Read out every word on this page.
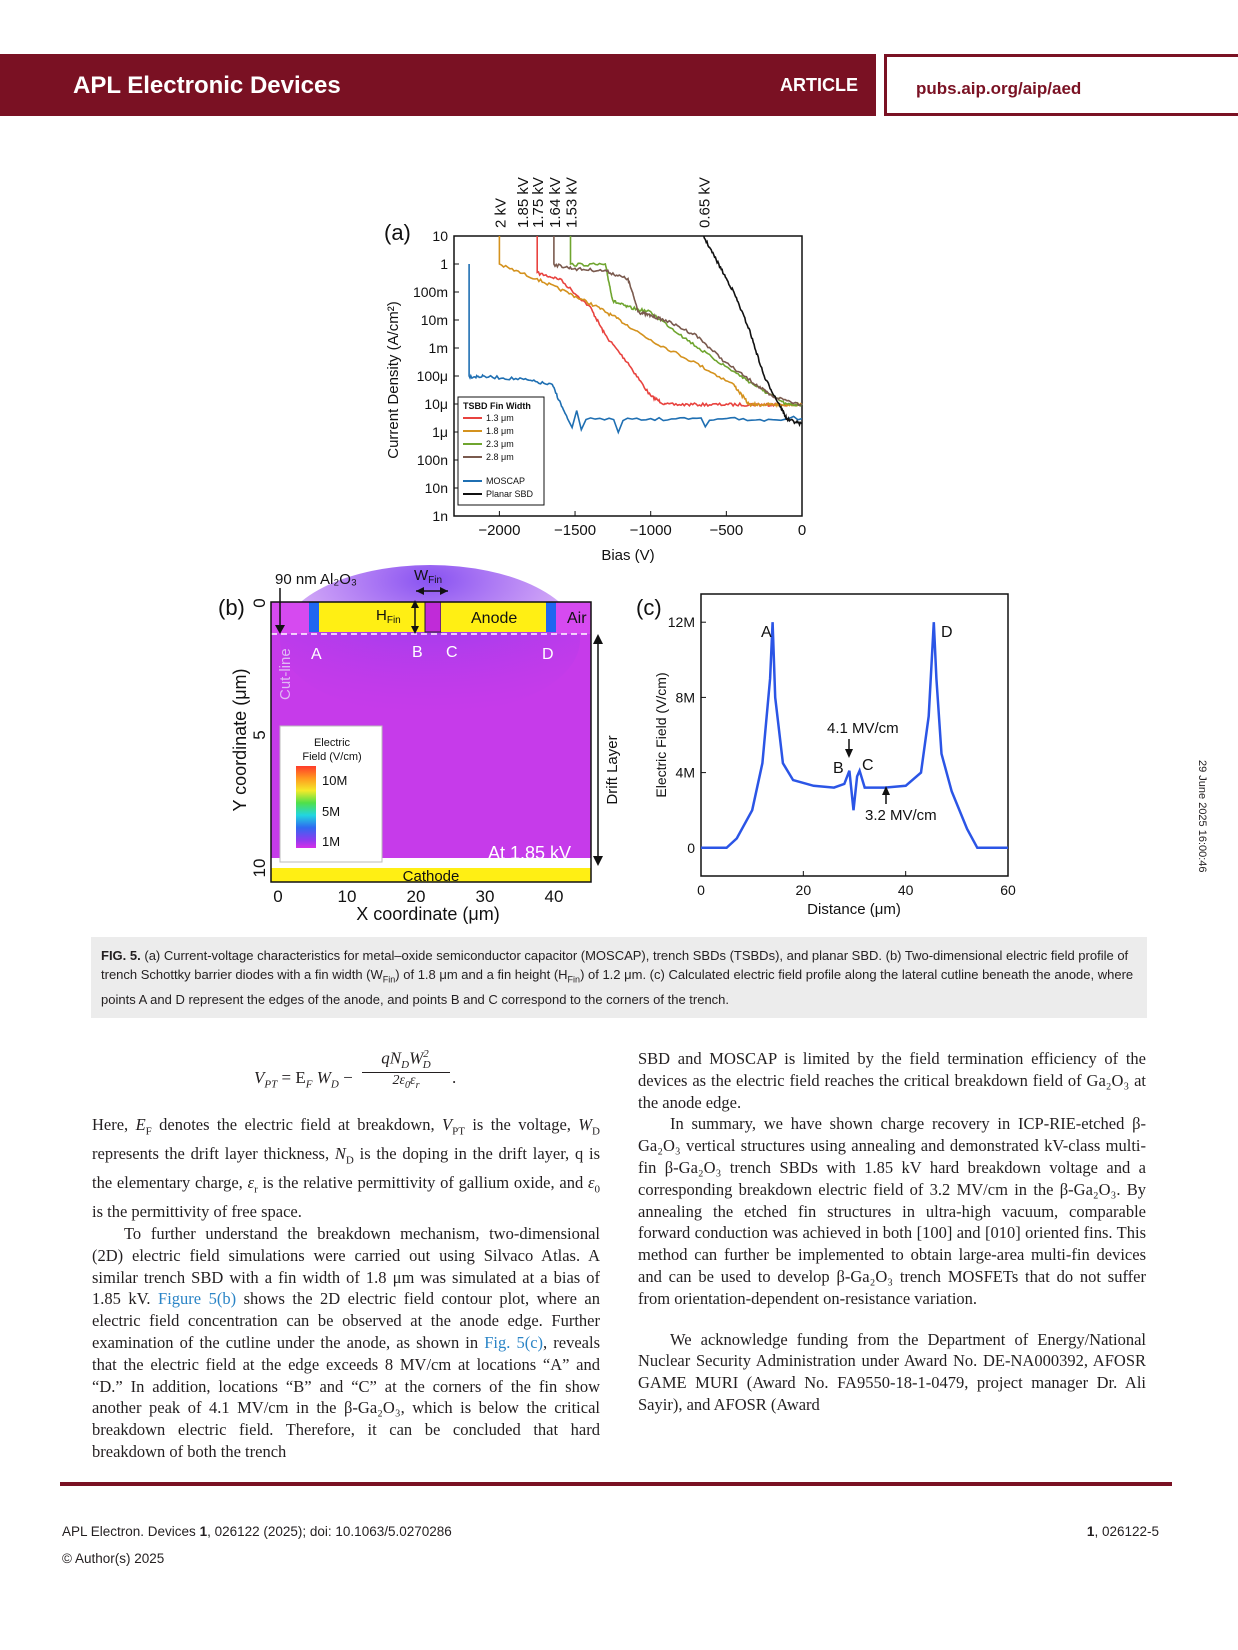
APL Electronic Devices	ARTICLE	pubs.aip.org/aip/aed
29 June 2025 16:00:46
(a) 10
1
100m
10m
1m
100μ
10μ
1μ
100n
10n
1n
−2000 −1500 −1000	−500	0
2 kV 1.85 kV
1.75 kV 1.64 kV 1.53 kV	0.65 kV
Bias (V)
Current Density (A/cm²)	TSBD Fin Width
1.3 μm
1.8 μm
2.3 μm
2.8 μm
MOSCAP
Planar SBD
(b)
90 nm Al₂O₃	$W_{Fin}$
$H_{Fin}$	Anode	Air
Cut-line A	B C	D
At 1.85 kV
Cathode
Electric
Field (V/cm)
10M
5M
1M
Drift Layer
0	10	20	30	40
0
5
10
X coordinate (μm)
Y coordinate (μm)
(c)
12M
8M
4M
0
0	20	40	60
A
B C
D
4.1 MV/cm
3.2 MV/cm
Distance (μm)
Electric Field (V/cm)
FIG. 5. (a) Current-voltage characteristics for metal–oxide semiconductor capacitor (MOSCAP), trench SBDs (TSBDs), and planar SBD. (b) Two-dimensional electric field profile of trench Schottky barrier diodes with a fin width $(W_{Fin})$ of 1.8 μm and a fin height $(H_{Fin})$ of 1.2 μm. (c) Calculated electric field profile along the lateral cutline beneath the anode, where points A and D represent the edges of the anode, and points B and C correspond to the corners of the trench.
$V_{PT} = E_F$ $W_D$ −
$qN_DW^2_D$
$2\varepsilon_0\varepsilon_r$	.

Here, $E_F$ denotes the electric field at breakdown, $V_{PT}$ is the voltage, $W_D$ represents the drift layer thickness, $N_D$ is the doping in the drift layer, q is the elementary charge, $\varepsilon_r$ is the relative permittivity of gallium oxide, and $\varepsilon_0$ is the permittivity of free space.

To further understand the breakdown mechanism, two-dimensional (2D) electric field simulations were carried out using Silvaco Atlas. A similar trench SBD with a fin width of 1.8 μm was simulated at a bias of 1.85 kV. Figure 5(b) shows the 2D electric field contour plot, where an electric field concentration can be observed at the anode edge. Further examination of the cutline under the anode, as shown in Fig. 5(c), reveals that the electric field at the edge exceeds 8 MV/cm at locations “A” and “D.” In addition, locations “B” and “C” at the corners of the fin show another peak of 4.1 MV/cm in the β-Ga₂O₃, which is below the critical breakdown electric field. Therefore, it can be concluded that hard breakdown of both the trench

SBD and MOSCAP is limited by the field termination efficiency of the devices as the electric field reaches the critical breakdown field of Ga₂O₃ at the anode edge.

In summary, we have shown charge recovery in ICP-RIE-etched β-Ga₂O₃ vertical structures using annealing and demonstrated kV-class multi-fin β-Ga₂O₃ trench SBDs with 1.85 kV hard breakdown voltage and a corresponding breakdown electric field of 3.2 MV/cm in the β-Ga₂O₃. By annealing the etched fin structures in ultra-high vacuum, comparable forward conduction was achieved in both [100] and [010] oriented fins. This method can further be implemented to obtain large-area multi-fin devices and can be used to develop β-Ga₂O₃ trench MOSFETs that do not suffer from orientation-dependent on-resistance variation.

We acknowledge funding from the Department of Energy/National Nuclear Security Administration under Award No. DE-NA000392, AFOSR GAME MURI (Award No. FA9550-18-1-0479, project manager Dr. Ali Sayir), and AFOSR (Award

APL Electron. Devices 1, 026122 (2025); doi: 10.1063/5.0270286
© Author(s) 2025
1, 026122-5
